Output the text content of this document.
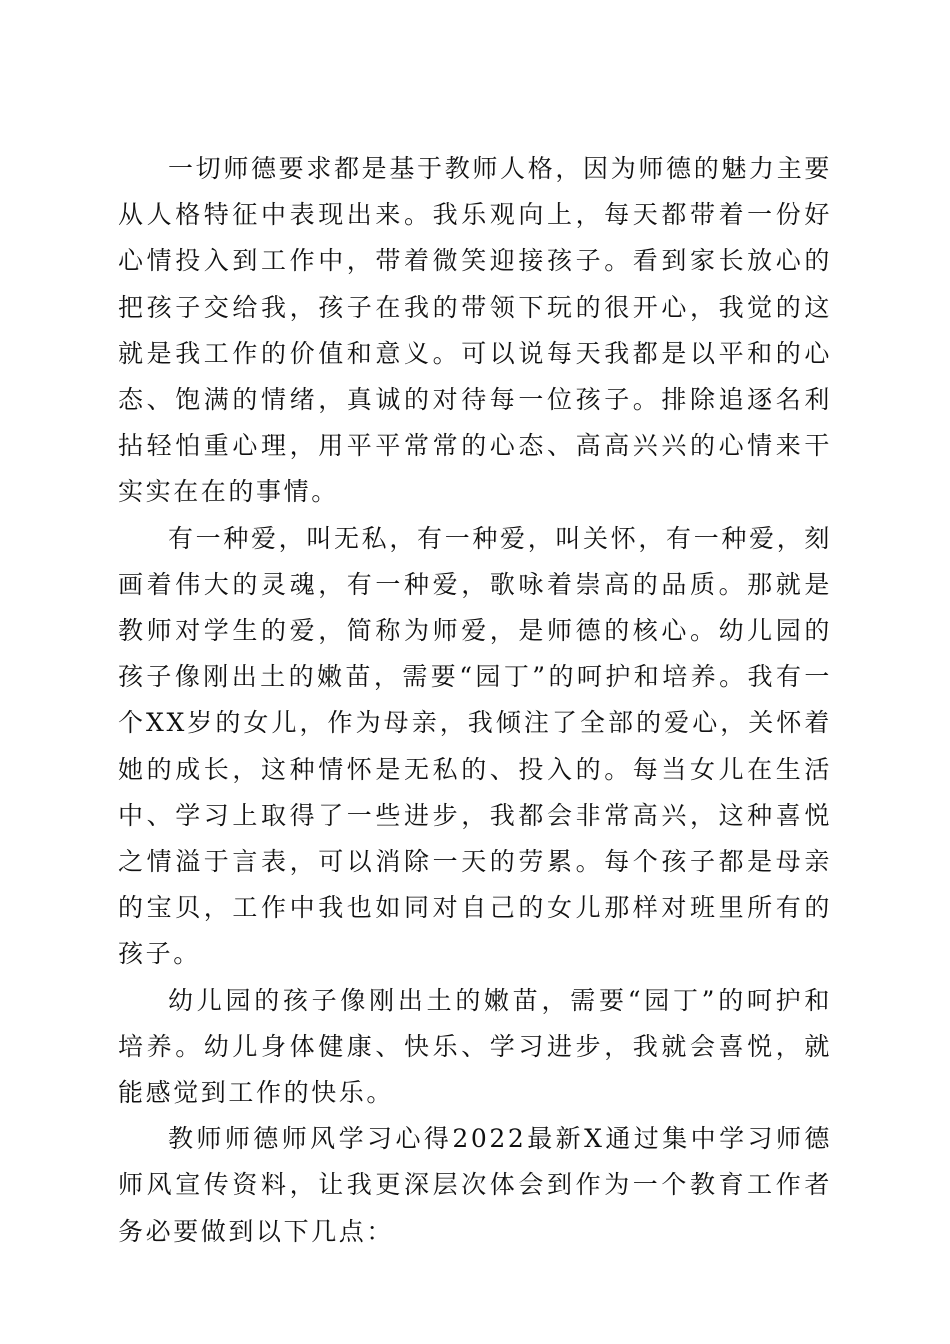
一切师德要求都是基于教师人格，因为师德的魅力主要从人格特征中表现出来。我乐观向上，每天都带着一份好心情投入到工作中，带着微笑迎接孩子。看到家长放心的把孩子交给我，孩子在我的带领下玩的很开心，我觉的这就是我工作的价值和意义。可以说每天我都是以平和的心态、饱满的情绪，真诚的对待每一位孩子。排除追逐名利拈轻怕重心理，用平平常常的心态、高高兴兴的心情来干实实在在的事情。

有一种爱，叫无私，有一种爱，叫关怀，有一种爱，刻画着伟大的灵魂，有一种爱，歌咏着崇高的品质。那就是教师对学生的爱，简称为师爱，是师德的核心。幼儿园的孩子像刚出土的嫩苗，需要“园丁”的呵护和培养。我有一个XX岁的女儿，作为母亲，我倾注了全部的爱心，关怀着她的成长，这种情怀是无私的、投入的。每当女儿在生活中、学习上取得了一些进步，我都会非常高兴，这种喜悦之情溢于言表，可以消除一天的劳累。每个孩子都是母亲的宝贝，工作中我也如同对自己的女儿那样对班里所有的孩子。

幼儿园的孩子像刚出土的嫩苗，需要“园丁”的呵护和培养。幼儿身体健康、快乐、学习进步，我就会喜悦，就能感觉到工作的快乐。

教师师德师风学习心得2022最新X通过集中学习师德师风宣传资料，让我更深层次体会到作为一个教育工作者务必要做到以下几点：
